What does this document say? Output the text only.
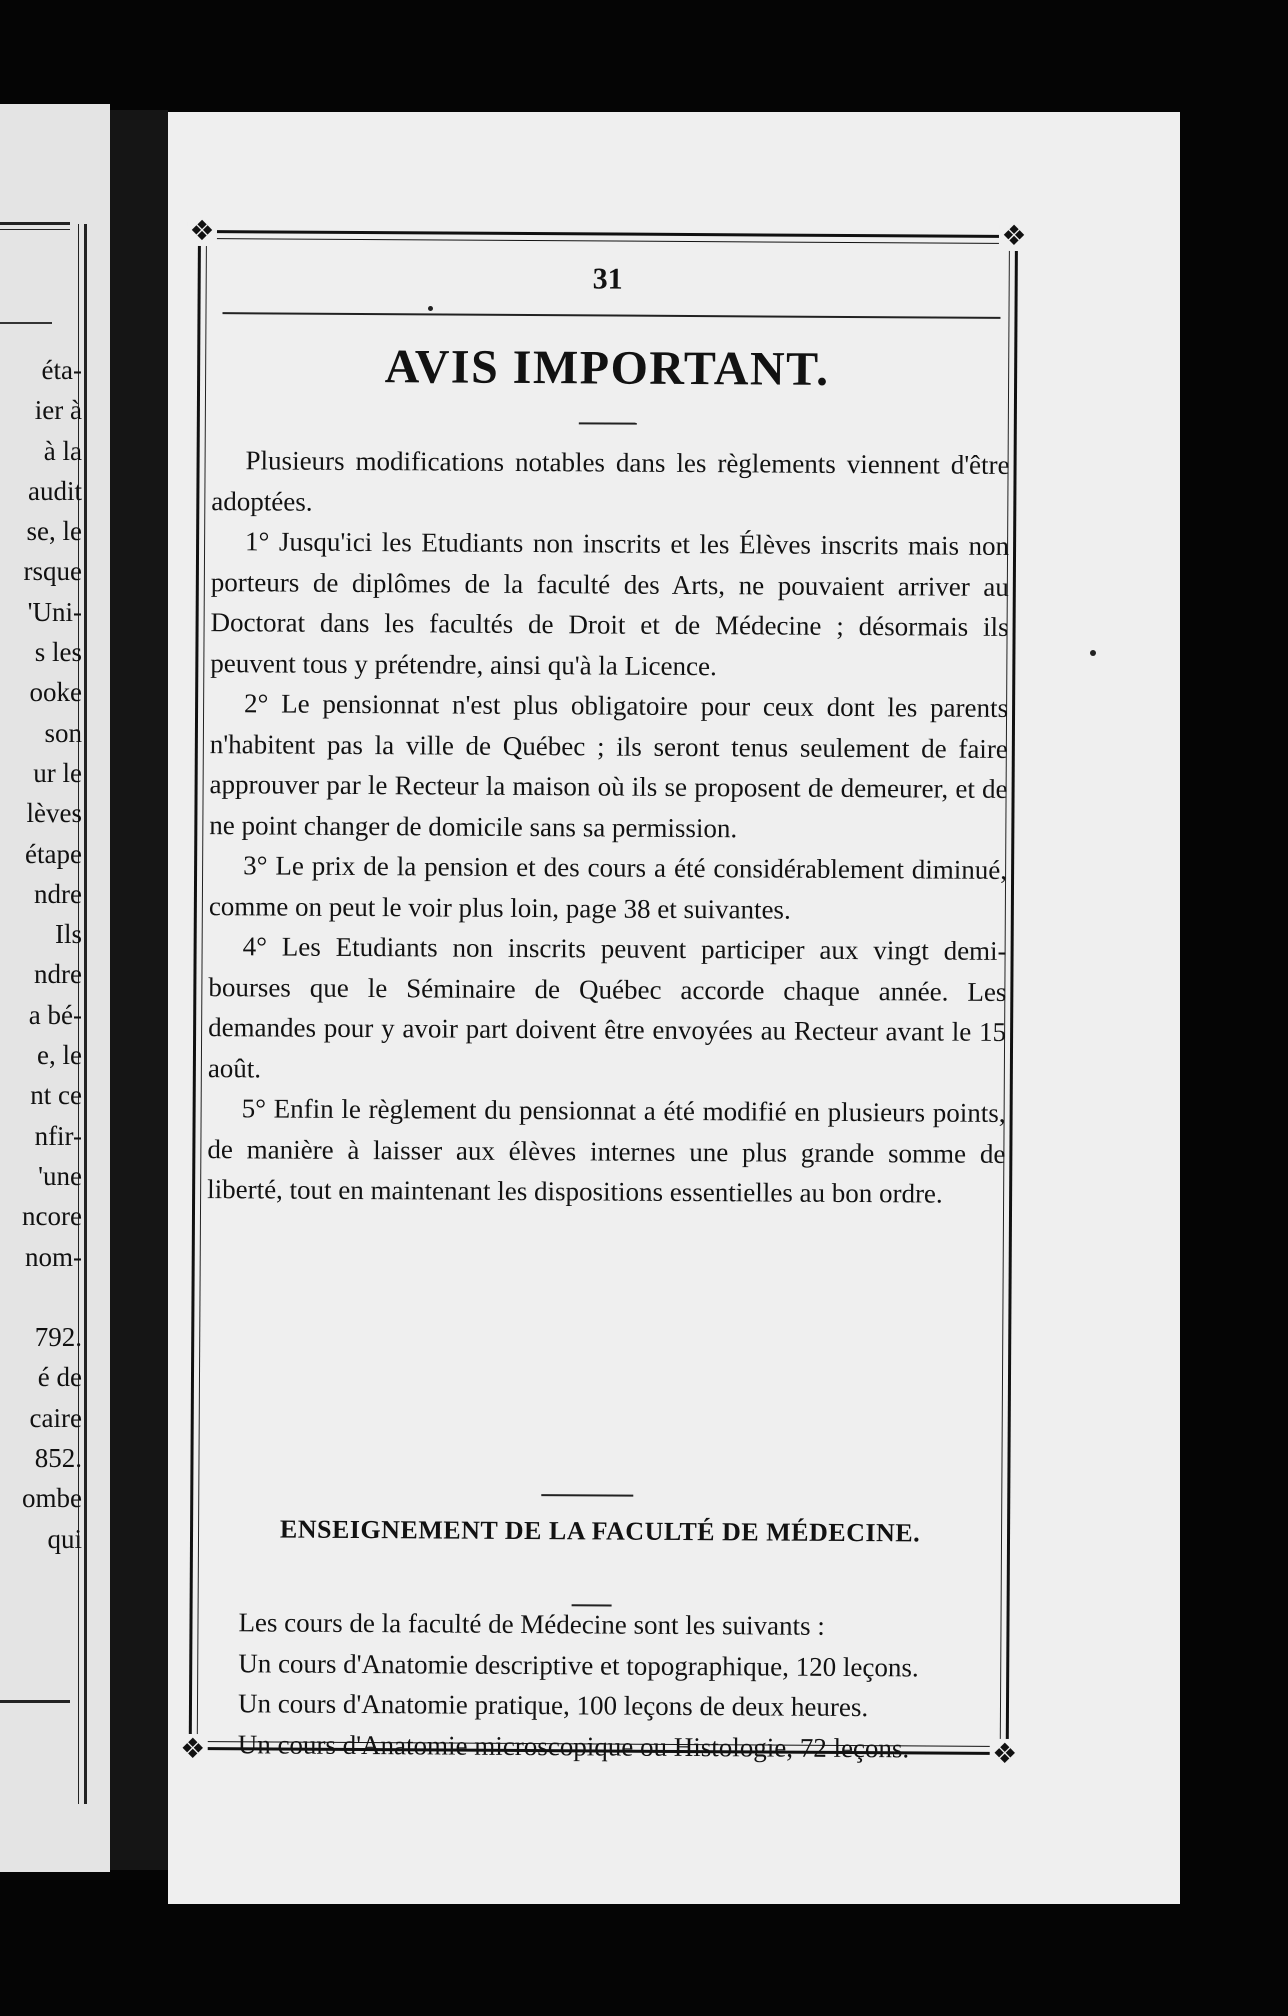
éta-
ier à
à la
audit
se, le
rsque
'Uni-
s les
ooke
son
ur le
lèves
étape
ndre
Ils
ndre
a bé-
e, le
nt ce
nfir-
'une
ncore
nom-
792.
é de
caire
852.
ombe
qui
❖	❖
❖	❖
31
AVIS IMPORTANT.

Plusieurs modifications notables dans les règlements viennent d'être adoptées.

1° Jusqu'ici les Etudiants non inscrits et les Élèves inscrits mais non porteurs de diplômes de la faculté des Arts, ne pouvaient arriver au Doctorat dans les facultés de Droit et de Médecine ; désormais ils peuvent tous y prétendre, ainsi qu'à la Licence.

2° Le pensionnat n'est plus obligatoire pour ceux dont les parents n'habitent pas la ville de Québec ; ils seront tenus seulement de faire approuver par le Recteur la maison où ils se proposent de demeurer, et de ne point changer de domicile sans sa permission.

3° Le prix de la pension et des cours a été considérablement diminué, comme on peut le voir plus loin, page 38 et suivantes.

4° Les Etudiants non inscrits peuvent participer aux vingt demi-bourses que le Séminaire de Québec accorde chaque année. Les demandes pour y avoir part doivent être envoyées au Recteur avant le 15 août.

5° Enfin le règlement du pensionnat a été modifié en plusieurs points, de manière à laisser aux élèves internes une plus grande somme de liberté, tout en maintenant les dispositions essentielles au bon ordre.

ENSEIGNEMENT DE LA FACULTÉ DE MÉDECINE.

Les cours de la faculté de Médecine sont les suivants :

Un cours d'Anatomie descriptive et topographique, 120 leçons.

Un cours d'Anatomie pratique, 100 leçons de deux heures.

Un cours d'Anatomie microscopique ou Histologie, 72 leçons.
